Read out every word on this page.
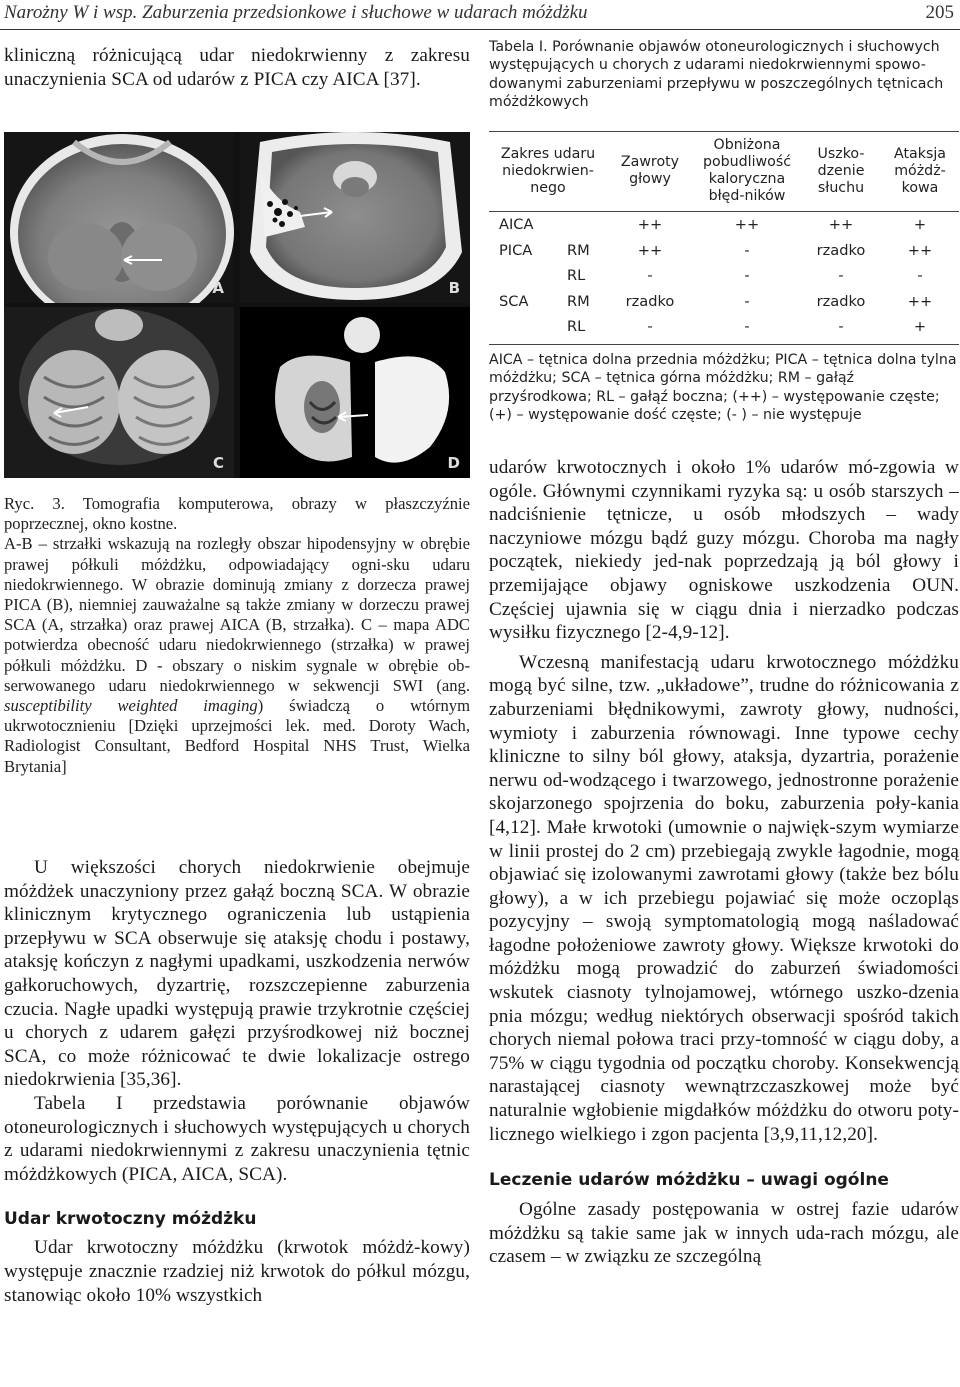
Narożny W i wsp. Zaburzenia przedsionkowe i słuchowe w udarach móżdżku	205

kliniczną różnicującą udar niedokrwienny z zakresu unaczynienia SCA od udarów z PICA czy AICA [37].

A	B
C	D

Ryc. 3. Tomografia komputerowa, obrazy w płaszczyźnie poprzecznej, okno kostne.

A-B – strzałki wskazują na rozległy obszar hipodensyjny w obrębie prawej półkuli móżdżku, odpowiadający ogni-sku udaru niedokrwiennego. W obrazie dominują zmiany z dorzecza prawej PICA (B), niemniej zauważalne są także zmiany w dorzeczu prawej SCA (A, strzałka) oraz prawej AICA (B, strzałka). C – mapa ADC potwierdza obecność udaru niedokrwiennego (strzałka) w prawej półkuli móżdżku. D - obszary o niskim sygnale w obrębie ob-serwowanego udaru niedokrwiennego w sekwencji SWI (ang. susceptibility weighted imaging) świadczą o wtórnym ukrwotocznieniu [Dzięki uprzejmości lek. med. Doroty Wach, Radiologist Consultant, Bedford Hospital NHS Trust, Wielka Brytania]

U większości chorych niedokrwienie obejmuje móżdżek unaczyniony przez gałąź boczną SCA. W obrazie klinicznym krytycznego ograniczenia lub ustąpienia przepływu w SCA obserwuje się ataksję chodu i postawy, ataksję kończyn z nagłymi upadkami, uszkodzenia nerwów gałkoruchowych, dyzartrię, rozszczepienne zaburzenia czucia. Nagłe upadki występują prawie trzykrotnie częściej u chorych z udarem gałęzi przyśrodkowej niż bocznej SCA, co może różnicować te dwie lokalizacje ostrego niedokrwienia [35,36].

Tabela I przedstawia porównanie objawów otoneurologicznych i słuchowych występujących u chorych z udarami niedokrwiennymi z zakresu unaczynienia tętnic móżdżkowych (PICA, AICA, SCA).

Udar krwotoczny móżdżku

Udar krwotoczny móżdżku (krwotok móżdż-kowy) występuje znacznie rzadziej niż krwotok do półkul mózgu, stanowiąc około 10% wszystkich

Tabela I. Porównanie objawów otoneurologicznych i słuchowych występujących u chorych z udarami niedokrwiennymi spowo-dowanymi zaburzeniami przepływu w poszczególnych tętnicach móżdżkowych

Zakres udaru niedokrwien-nego		Zawroty głowy	Obniżona pobudliwość kaloryczna błęd-ników	Uszko-dzenie słuchu	Ataksja móżdż-kowa
AICA		++	++	++	+
PICA	RM	++	-	rzadko	++
	RL	-	-	-	-
SCA	RM	rzadko	-	rzadko	++
	RL	-	-	-	+

AICA – tętnica dolna przednia móżdżku; PICA – tętnica dolna tylna móżdżku; SCA – tętnica górna móżdżku; RM – gałąź przyśrodkowa; RL – gałąź boczna; (++) – występowanie częste; (+) – występowanie dość częste; (- ) – nie występuje

udarów krwotocznych i około 1% udarów mó-zgowia w ogóle. Głównymi czynnikami ryzyka są: u osób starszych – nadciśnienie tętnicze, u osób młodszych – wady naczyniowe mózgu bądź guzy mózgu. Choroba ma nagły początek, niekiedy jed-nak poprzedzają ją ból głowy i przemijające objawy ogniskowe uszkodzenia OUN. Częściej ujawnia się w ciągu dnia i nierzadko podczas wysiłku fizycznego [2-4,9-12].

Wczesną manifestacją udaru krwotocznego móżdżku mogą być silne, tzw. „układowe”, trudne do różnicowania z zaburzeniami błędnikowymi, zawroty głowy, nudności, wymioty i zaburzenia równowagi. Inne typowe cechy kliniczne to silny ból głowy, ataksja, dyzartria, porażenie nerwu od-wodzącego i twarzowego, jednostronne porażenie skojarzonego spojrzenia do boku, zaburzenia poły-kania [4,12]. Małe krwotoki (umownie o najwięk-szym wymiarze w linii prostej do 2 cm) przebiegają zwykle łagodnie, mogą objawiać się izolowanymi zawrotami głowy (także bez bólu głowy), a w ich przebiegu pojawiać się może oczopląs pozycyjny – swoją symptomatologią mogą naśladować łagodne położeniowe zawroty głowy. Większe krwotoki do móżdżku mogą prowadzić do zaburzeń świadomości wskutek ciasnoty tylnojamowej, wtórnego uszko-dzenia pnia mózgu; według niektórych obserwacji spośród takich chorych niemal połowa traci przy-tomność w ciągu doby, a 75% w ciągu tygodnia od początku choroby. Konsekwencją narastającej ciasnoty wewnątrzczaszkowej może być naturalnie wgłobienie migdałków móżdżku do otworu poty-licznego wielkiego i zgon pacjenta [3,9,11,12,20].

Leczenie udarów móżdżku – uwagi ogólne

Ogólne zasady postępowania w ostrej fazie udarów móżdżku są takie same jak w innych uda-rach mózgu, ale czasem – w związku ze szczególną
